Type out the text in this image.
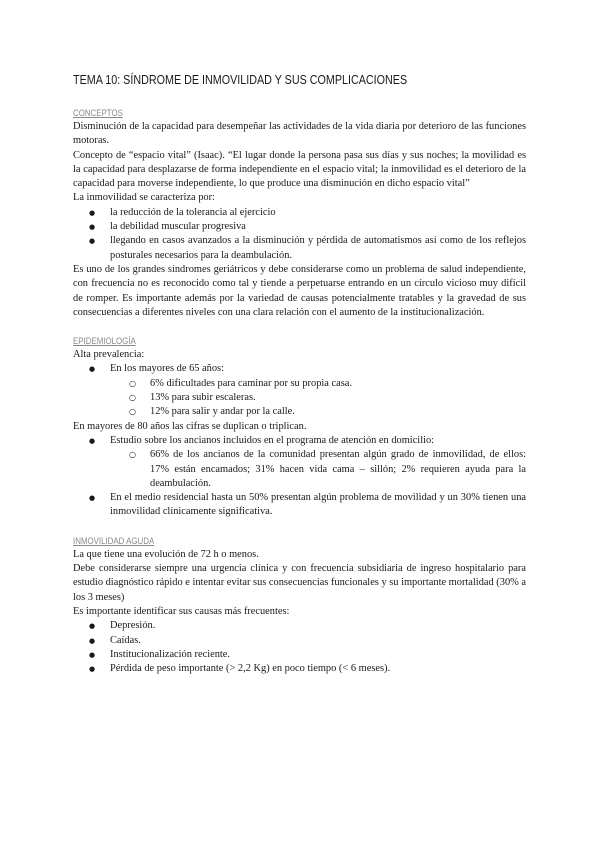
TEMA 10: SÍNDROME DE INMOVILIDAD Y SUS COMPLICACIONES
CONCEPTOS

Disminución de la capacidad para desempeñar las actividades de la vida diaria por deterioro de las funciones motoras.

Concepto de “espacio vital” (Isaac). “El lugar donde la persona pasa sus días y sus noches; la movilidad es la capacidad para desplazarse de forma independiente en el espacio vital; la inmovilidad es el deterioro de la capacidad para moverse independiente, lo que produce una disminución en dicho espacio vital”

La inmovilidad se caracteriza por:

● la reducción de la tolerancia al ejercicio
● la debilidad muscular progresiva
● llegando en casos avanzados a la disminución y pérdida de automatismos así como de los reflejos posturales necesarios para la deambulación.

Es uno de los grandes síndromes geriátricos y debe considerarse como un problema de salud independiente, con frecuencia no es reconocido como tal y tiende a perpetuarse entrando en un círculo vicioso muy difícil de romper. Es importante además por la variedad de causas potencialmente tratables y la gravedad de sus consecuencias a diferentes niveles con una clara relación con el aumento de la institucionalización.

EPIDEMIOLOGÍA

Alta prevalencia:

● En los mayores de 65 años:
○ 6% dificultades para caminar por su propia casa.
○ 13% para subir escaleras.
○ 12% para salir y andar por la calle.

En mayores de 80 años las cifras se duplican o triplican.

● Estudio sobre los ancianos incluidos en el programa de atención en domicilio:
○ 66% de los ancianos de la comunidad presentan algún grado de inmovilidad, de ellos: 17% están encamados; 31% hacen vida cama – sillón; 2% requieren ayuda para la deambulación.
● En el medio residencial hasta un 50% presentan algún problema de movilidad y un 30% tienen una inmovilidad clínicamente significativa.
INMOVILIDAD AGUDA

La que tiene una evolución de 72 h o menos.

Debe considerarse siempre una urgencia clínica y con frecuencia subsidiaria de ingreso hospitalario para estudio diagnóstico rápido e intentar evitar sus consecuencias funcionales y su importante mortalidad (30% a los 3 meses)

Es importante identificar sus causas más frecuentes:

● Depresión.
● Caídas.
● Institucionalización reciente.
● Pérdida de peso importante (> 2,2 Kg) en poco tiempo (< 6 meses).
